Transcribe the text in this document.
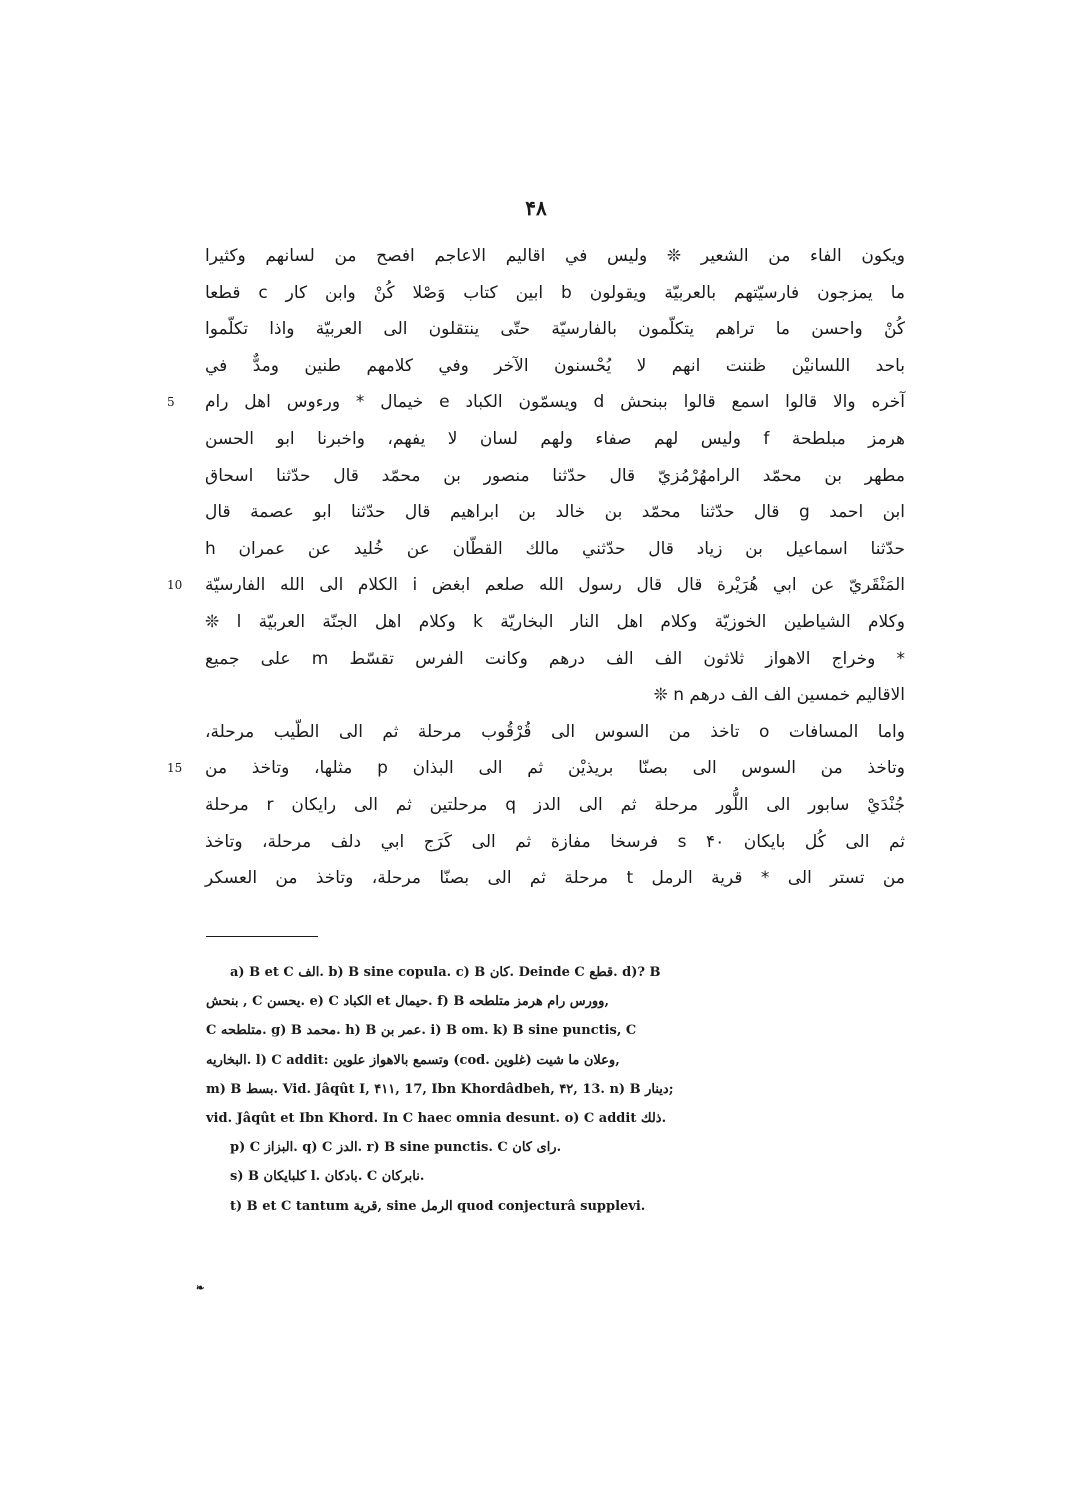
۴۸
ويكون الفاء من الشعير ❊ وليس في اقاليم الاعاجم افصح من لسانهم وكثيرا
ما يمزجون فارسيّتهم بالعربيّة ويقولون b ابين كتاب وَصْلا كُنْ وابن كار c قطعا
كُنْ واحسن ما تراهم يتكلّمون بالفارسيّة حتّى ينتقلون الى العربيّة واذا تكلّموا
باحد اللسانيْن ظننت انهم لا يُحْسنون الآخر وفي كلامهم طنين ومدٌّ في
آخره والا قالوا اسمع قالوا ببنحش d ويسمّون الكباد e خيمال * ورءوس اهل رام
5
هرمز مبلطحة f وليس لهم صفاء ولهم لسان لا يفهم، واخبرنا ابو الحسن
مطهر بن محمّد الرامهُرْمُزيّ قال حدّثنا منصور بن محمّد قال حدّثنا اسحاق
ابن احمد g قال حدّثنا محمّد بن خالد بن ابراهيم قال حدّثنا ابو عصمة قال
حدّثنا اسماعيل بن زياد قال حدّثني مالك القطّان عن خُليد عن عمران h
المَنْقَريّ عن ابي هُرَيْرة قال قال رسول الله صلعم ابغض i الكلام الى الله الفارسيّة
10
وكلام الشياطين الخوزيّة وكلام اهل النار البخاريّة k وكلام اهل الجنّة العربيّة l ❊
* وخراج الاهواز ثلاثون الف الف درهم وكانت الفرس تقسّط m على جميع
الاقاليم خمسين الف الف درهم n ❊
واما المسافات o تاخذ من السوس الى قُرْقُوب مرحلة ثم الى الطّيب مرحلة،
وتاخذ من السوس الى بصنّا بريذيْن ثم الى البذان p مثلها، وتاخذ من
15
جُنْدَيْ سابور الى اللُّور مرحلة ثم الى الدز q مرحلتين ثم الى رايكان r مرحلة
ثم الى كُل بايكان s ۴۰ فرسخا مفازة ثم الى كَرَج ابي دلف مرحلة، وتاخذ
من تستر الى * قرية الرمل t مرحلة ثم الى بصنّا مرحلة، وتاخذ من العسكر
a) B et C الف. b) B sine copula. c) B كان. Deinde C قطع. d)? B
بنحش , C يحسن. e) C الكباد et حيمال. f) B وورس رام هرمز متلطحه,
C متلطحه. g) B محمد. h) B عمر بن. i) B om. k) B sine punctis, C
البخاريه. l) C addit: وتسمع بالاهواز علوين (cod. غلوين) وعلان ما شيت,
m) B بسط. Vid. Jâqût I, ۴۱۱, 17, Ibn Khordâdbeh, ۴۲, 13. n) B دينار;
vid. Jâqût et Ibn Khord. In C haec omnia desunt. o) C addit ذلك.
p) C البزاز. q) C الدز. r) B sine punctis. C راى كان.
s) B كلبايكان l. بادكان. C نابركان.
t) B et C tantum قرية, sine الرمل quod conjecturâ supplevi.
❧
